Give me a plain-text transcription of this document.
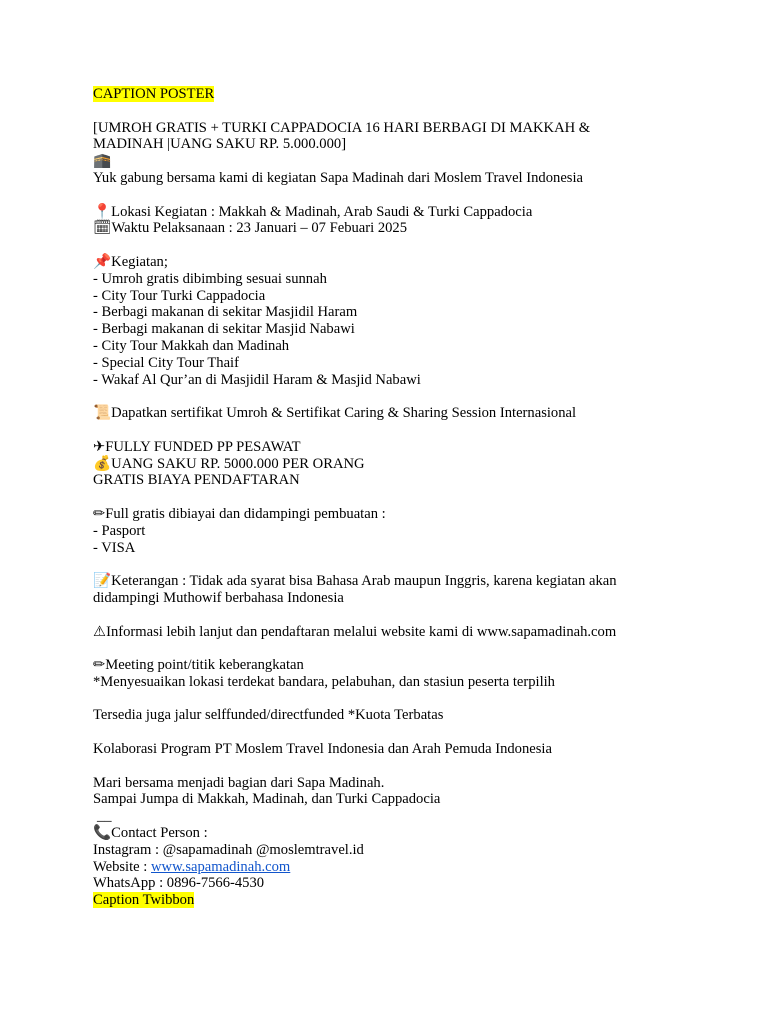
CAPTION POSTER
[UMROH GRATIS + TURKI CAPPADOCIA 16 HARI BERBAGI DI MAKKAH &
MADINAH |UANG SAKU RP. 5.000.000]
🕋
Yuk gabung bersama kami di kegiatan Sapa Madinah dari Moslem Travel Indonesia
📍Lokasi Kegiatan : Makkah & Madinah, Arab Saudi & Turki Cappadocia
🗓Waktu Pelaksanaan : 23 Januari – 07 Febuari 2025
📌Kegiatan;
- Umroh gratis dibimbing sesuai sunnah
- City Tour Turki Cappadocia
- Berbagi makanan di sekitar Masjidil Haram
- Berbagi makanan di sekitar Masjid Nabawi
- City Tour Makkah dan Madinah
- Special City Tour Thaif
- Wakaf Al Qur’an di Masjidil Haram & Masjid Nabawi
📜Dapatkan sertifikat Umroh & Sertifikat Caring & Sharing Session Internasional
✈FULLY FUNDED PP PESAWAT
💰UANG SAKU RP. 5000.000 PER ORANG
GRATIS BIAYA PENDAFTARAN
✏Full gratis dibiayai dan didampingi pembuatan :
- Pasport
- VISA
📝Keterangan : Tidak ada syarat bisa Bahasa Arab maupun Inggris, karena kegiatan akan
didampingi Muthowif berbahasa Indonesia
⚠Informasi lebih lanjut dan pendaftaran melalui website kami di www.sapamadinah.com
✏Meeting point/titik keberangkatan
*Menyesuaikan lokasi terdekat bandara, pelabuhan, dan stasiun peserta terpilih
Tersedia juga jalur selffunded/directfunded *Kuota Terbatas
Kolaborasi Program PT Moslem Travel Indonesia dan Arah Pemuda Indonesia
Mari bersama menjadi bagian dari Sapa Madinah.
Sampai Jumpa di Makkah, Madinah, dan Turki Cappadocia
__
📞Contact Person :
Instagram : @sapamadinah @moslemtravel.id
Website : www.sapamadinah.com
WhatsApp : 0896-7566-4530
Caption Twibbon
